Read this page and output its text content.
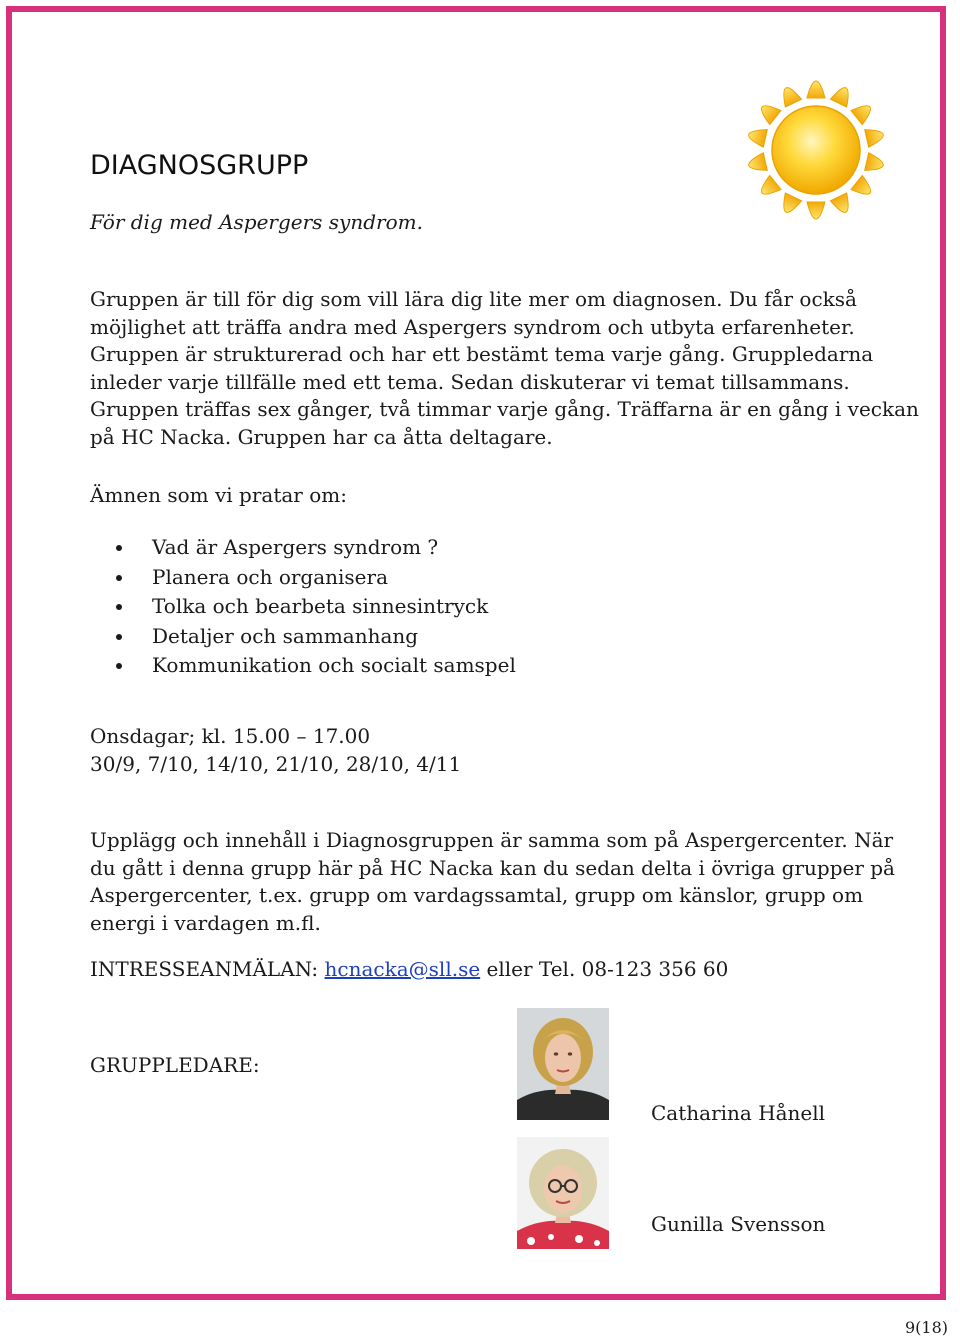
DIAGNOSGRUPP
För dig med Aspergers syndrom.
Gruppen är till för dig som vill lära dig lite mer om diagnosen. Du får också möjlighet att träffa andra med Aspergers syndrom och utbyta erfarenheter. Gruppen är strukturerad och har ett bestämt tema varje gång. Gruppledarna inleder varje tillfälle med ett tema. Sedan diskuterar vi temat tillsammans. Gruppen träffas sex gånger, två timmar varje gång. Träffarna är en gång i veckan på HC Nacka. Gruppen har ca åtta deltagare.
Ämnen som vi pratar om:
Vad är Aspergers syndrom ?
Planera och organisera
Tolka och bearbeta sinnesintryck
Detaljer och sammanhang
Kommunikation och socialt samspel
Onsdagar; kl. 15.00 – 17.00
30/9, 7/10, 14/10, 21/10, 28/10, 4/11
Upplägg och innehåll i Diagnosgruppen är samma som på Aspergercenter. När du gått i denna grupp här på HC Nacka kan du sedan delta i övriga grupper på Aspergercenter, t.ex. grupp om vardagssamtal, grupp om känslor, grupp om energi i vardagen m.fl.
INTRESSEANMÄLAN: hcnacka@sll.se eller Tel. 08-123 356 60
GRUPPLEDARE:
Catharina Hånell
Gunilla Svensson
9(18)
